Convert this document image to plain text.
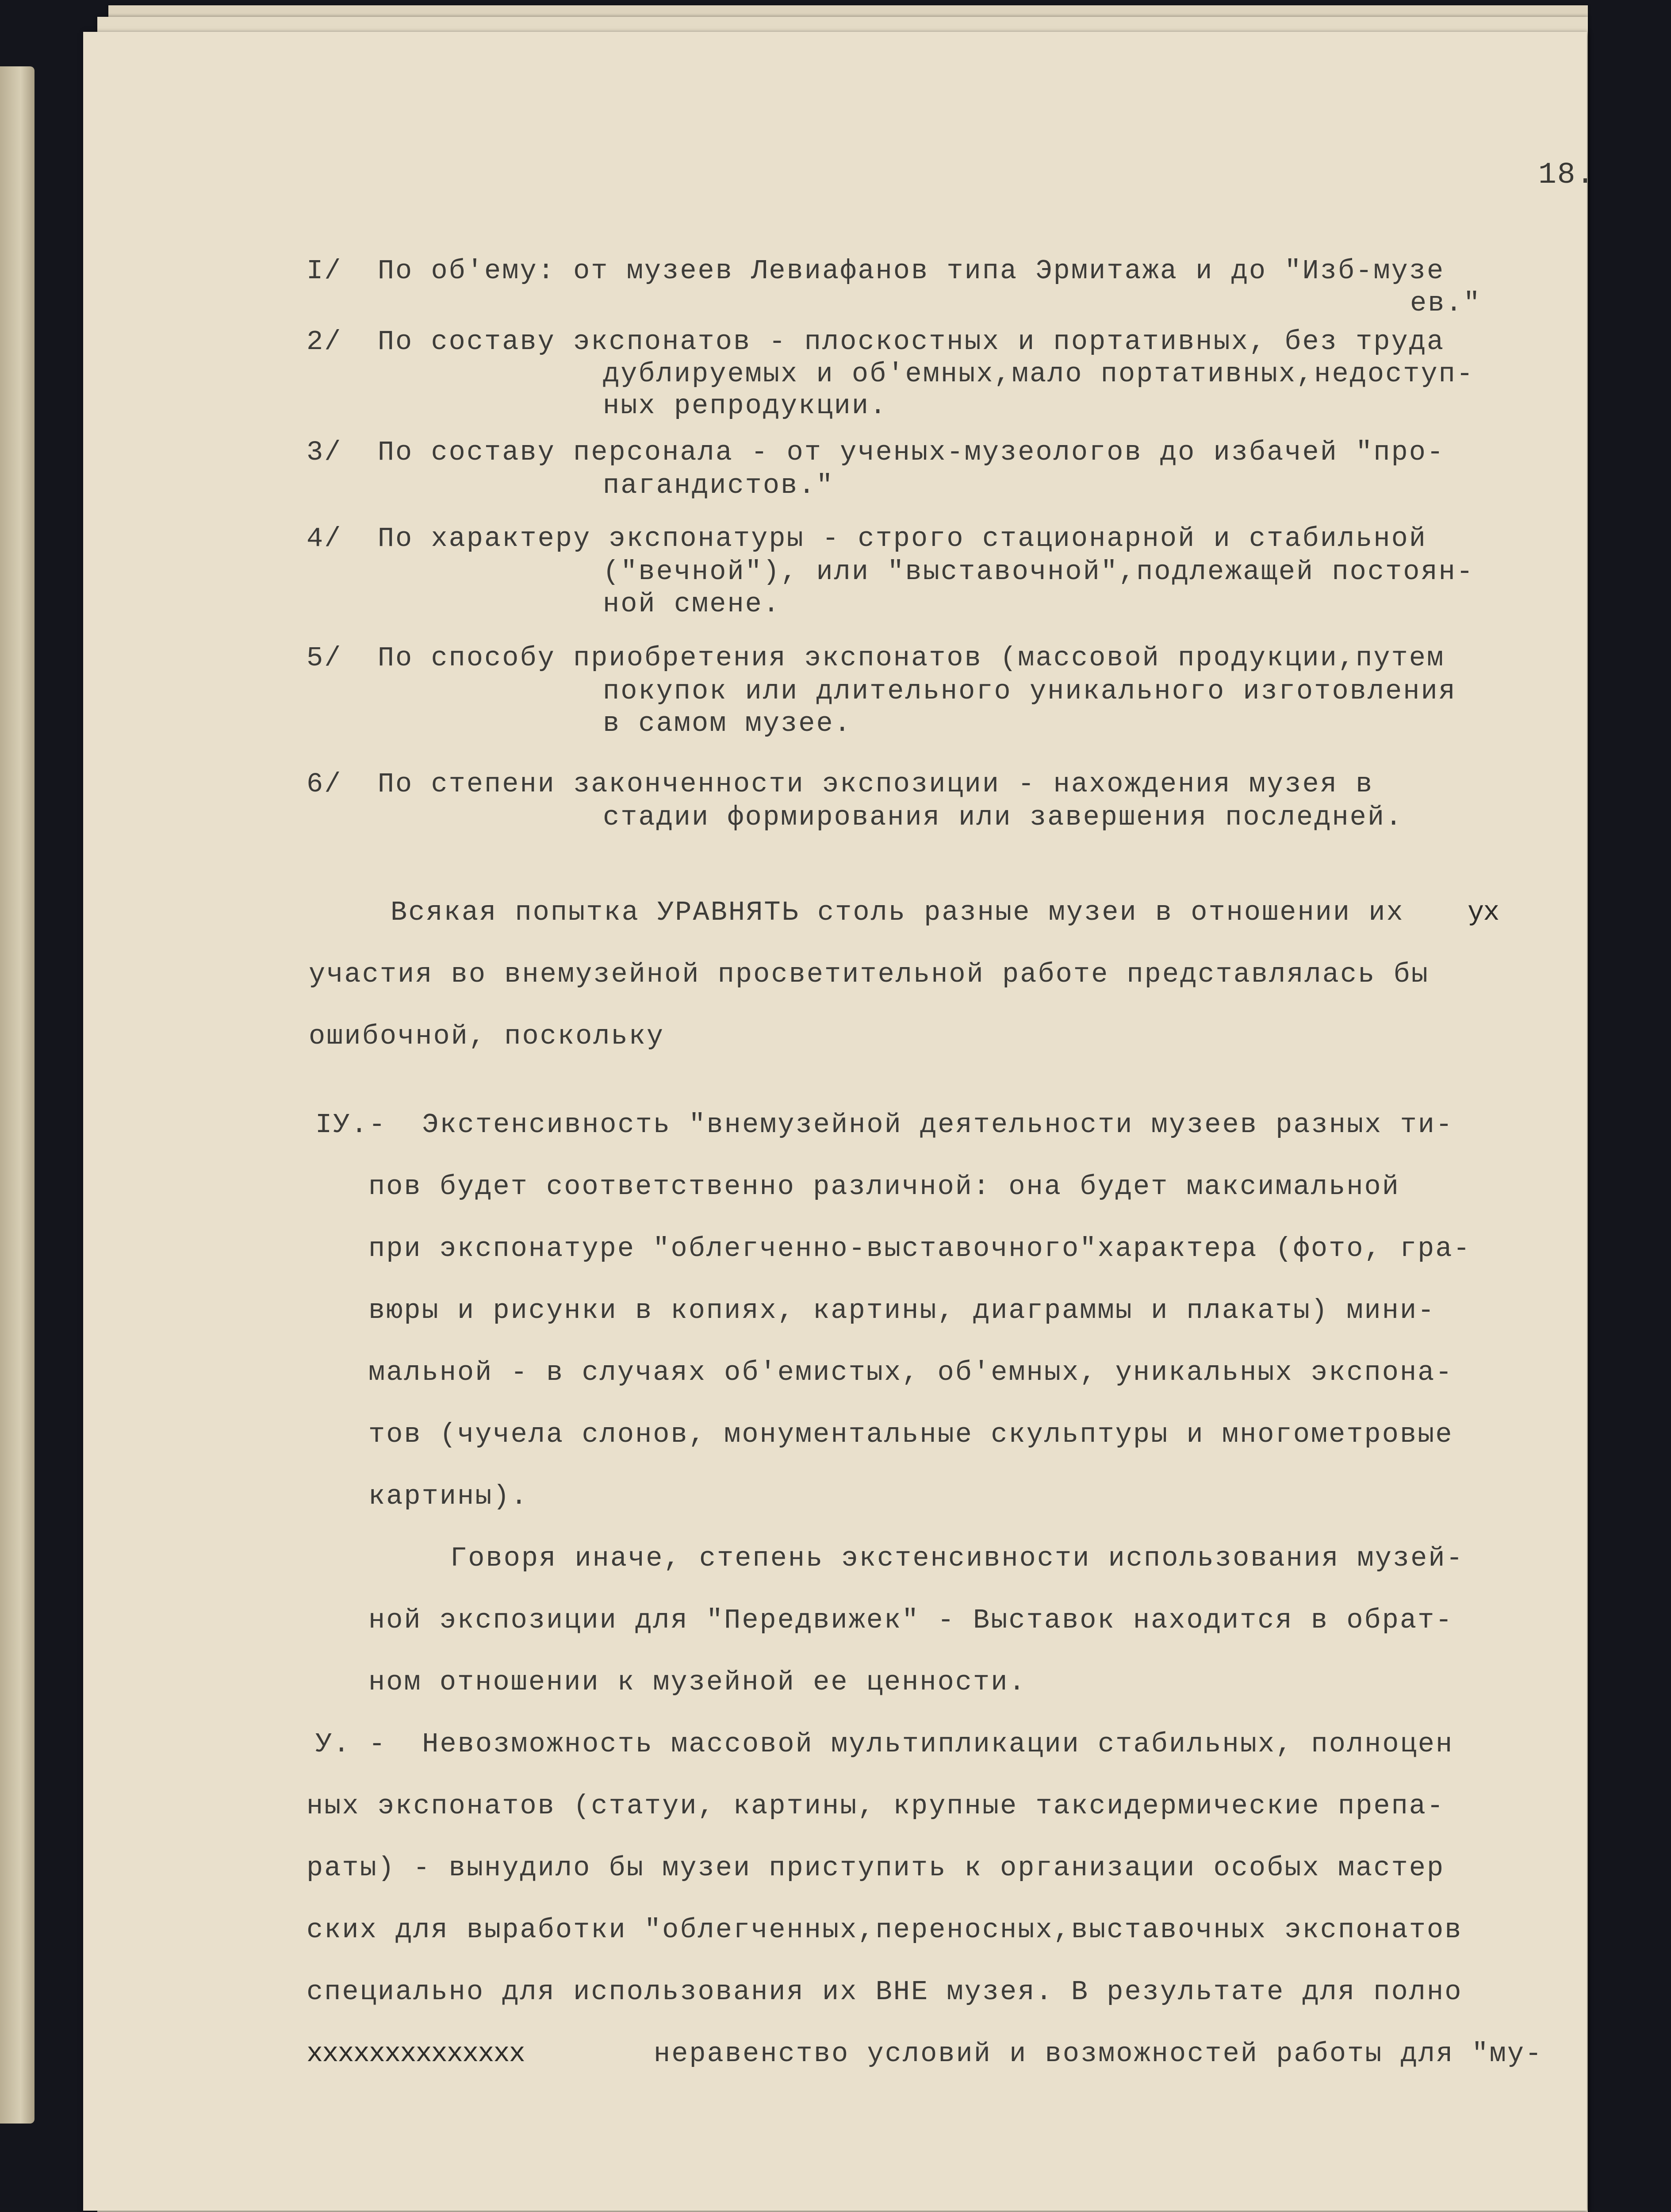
18.
I/  По об'ему: от музеев Левиафанов типа Эрмитажа и до "Изб-музе
ев."
2/  По составу экспонатов - плоскостных и портативных, без труда
дублируемых и об'емных,мало портативных,недоступ-
ных репродукции.
3/  По составу персонала - от ученых-музеологов до избачей "про-
пагандистов."
4/  По характеру экспонатуры - строго стационарной и стабильной
("вечной"), или "выставочной",подлежащей постоян-
ной смене.
5/  По способу приобретения экспонатов (массовой продукции,путем
покупок или длительного уникального изготовления
в самом музее.
6/  По степени законченности экспозиции - нахождения музея в
стадии формирования или завершения последней.
Всякая попытка УРАВНЯТЬ столь разные музеи в отношении их ух
участия во внемузейной просветительной работе представлялась бы
ошибочной, поскольку
IУ.-  Экстенсивность "внемузейной деятельности музеев разных ти-
пов будет соответственно различной: она будет максимальной
при экспонатуре "облегченно-выставочного"характера (фото, гра-
вюры и рисунки в копиях, картины, диаграммы и плакаты) мини-
мальной - в случаях об'емистых, об'емных, уникальных экспона-
тов (чучела слонов, монументальные скульптуры и многометровые
картины).
Говоря иначе, степень экстенсивности использования музей-
ной экспозиции для "Передвижек" - Выставок находится в обрат-
ном отношении к музейной ее ценности.
У. -  Невозможность массовой мультипликации стабильных, полноцен
ных экспонатов (статуи, картины, крупные таксидермические препа-
раты) - вынудило бы музеи приступить к организации особых мастер
ских для выработки "облегченных,переносных,выставочных экспонатов
специально для использования их ВНЕ музея. В результате для полно
xxxxxxxxxxxxxx	неравенство условий и возможностей работы для "му-
